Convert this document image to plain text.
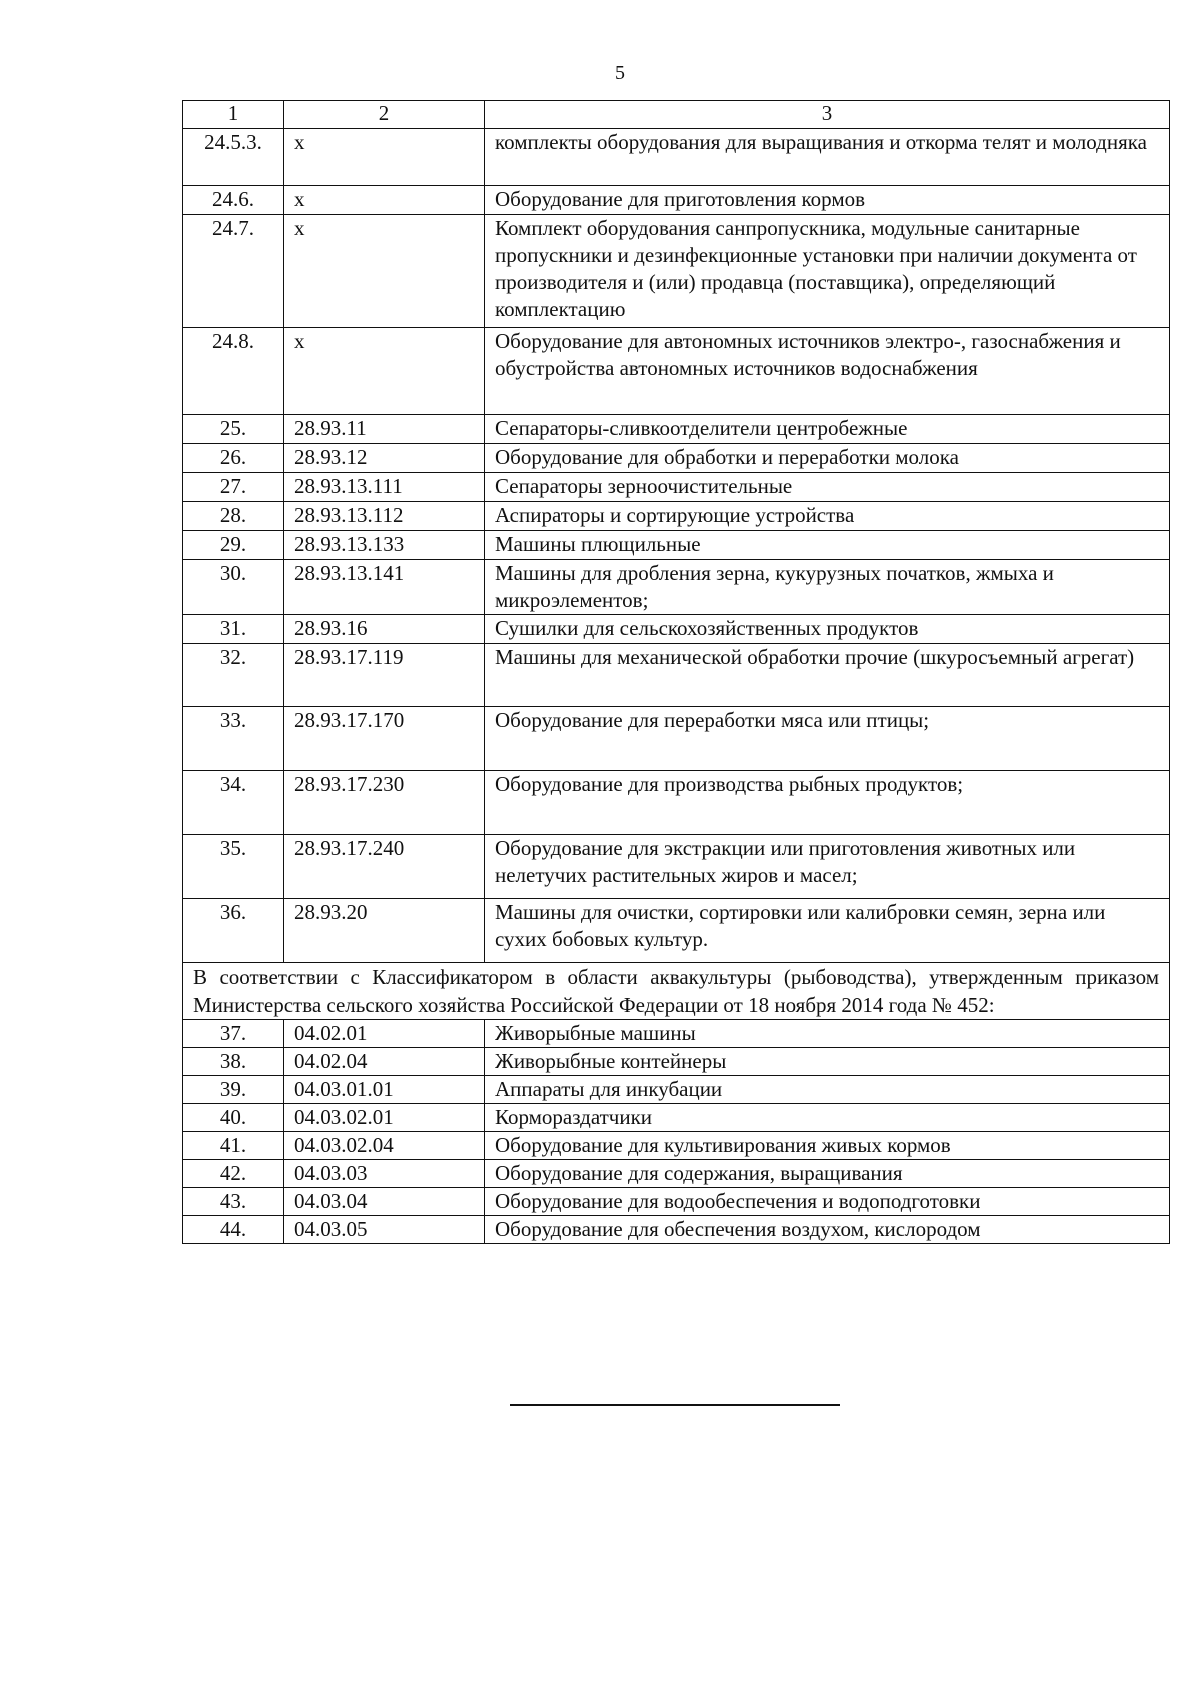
5
1	2	3
24.5.3.	х	комплекты оборудования для выращивания и откорма телят и молодняка
24.6.	х	Оборудование для приготовления кормов
24.7.	х	Комплект оборудования санпропускника, модульные санитарные пропускники и дезинфекционные установки при наличии документа от производителя и (или) продавца (поставщика), определяющий комплектацию
24.8.	х	Оборудование для автономных источников электро-, газоснабжения и обустройства автономных источников водоснабжения
25.	28.93.11	Сепараторы-сливкоотделители центробежные
26.	28.93.12	Оборудование для обработки и переработки молока
27.	28.93.13.111	Сепараторы зерноочистительные
28.	28.93.13.112	Аспираторы и сортирующие устройства
29.	28.93.13.133	Машины плющильные
30.	28.93.13.141	Машины для дробления зерна, кукурузных початков, жмыха и микроэлементов;
31.	28.93.16	Сушилки для сельскохозяйственных продуктов
32.	28.93.17.119	Машины для механической обработки прочие (шкуросъемный агрегат)
33.	28.93.17.170	Оборудование для переработки мяса или птицы;
34.	28.93.17.230	Оборудование для производства рыбных продуктов;
35.	28.93.17.240	Оборудование для экстракции или приготовления животных или нелетучих растительных жиров и масел;
36.	28.93.20	Машины для очистки, сортировки или калибровки семян, зерна или сухих бобовых культур.
В соответствии с Классификатором в области аквакультуры (рыбоводства), утвержденным приказом Министерства сельского хозяйства Российской Федерации от 18 ноября 2014 года № 452:		
37.	04.02.01	Живорыбные машины
38.	04.02.04	Живорыбные контейнеры
39.	04.03.01.01	Аппараты для инкубации
40.	04.03.02.01	Кормораздатчики
41.	04.03.02.04	Оборудование для культивирования живых кормов
42.	04.03.03	Оборудование для содержания, выращивания
43.	04.03.04	Оборудование для водообеспечения и водоподготовки
44.	04.03.05	Оборудование для обеспечения воздухом, кислородом
